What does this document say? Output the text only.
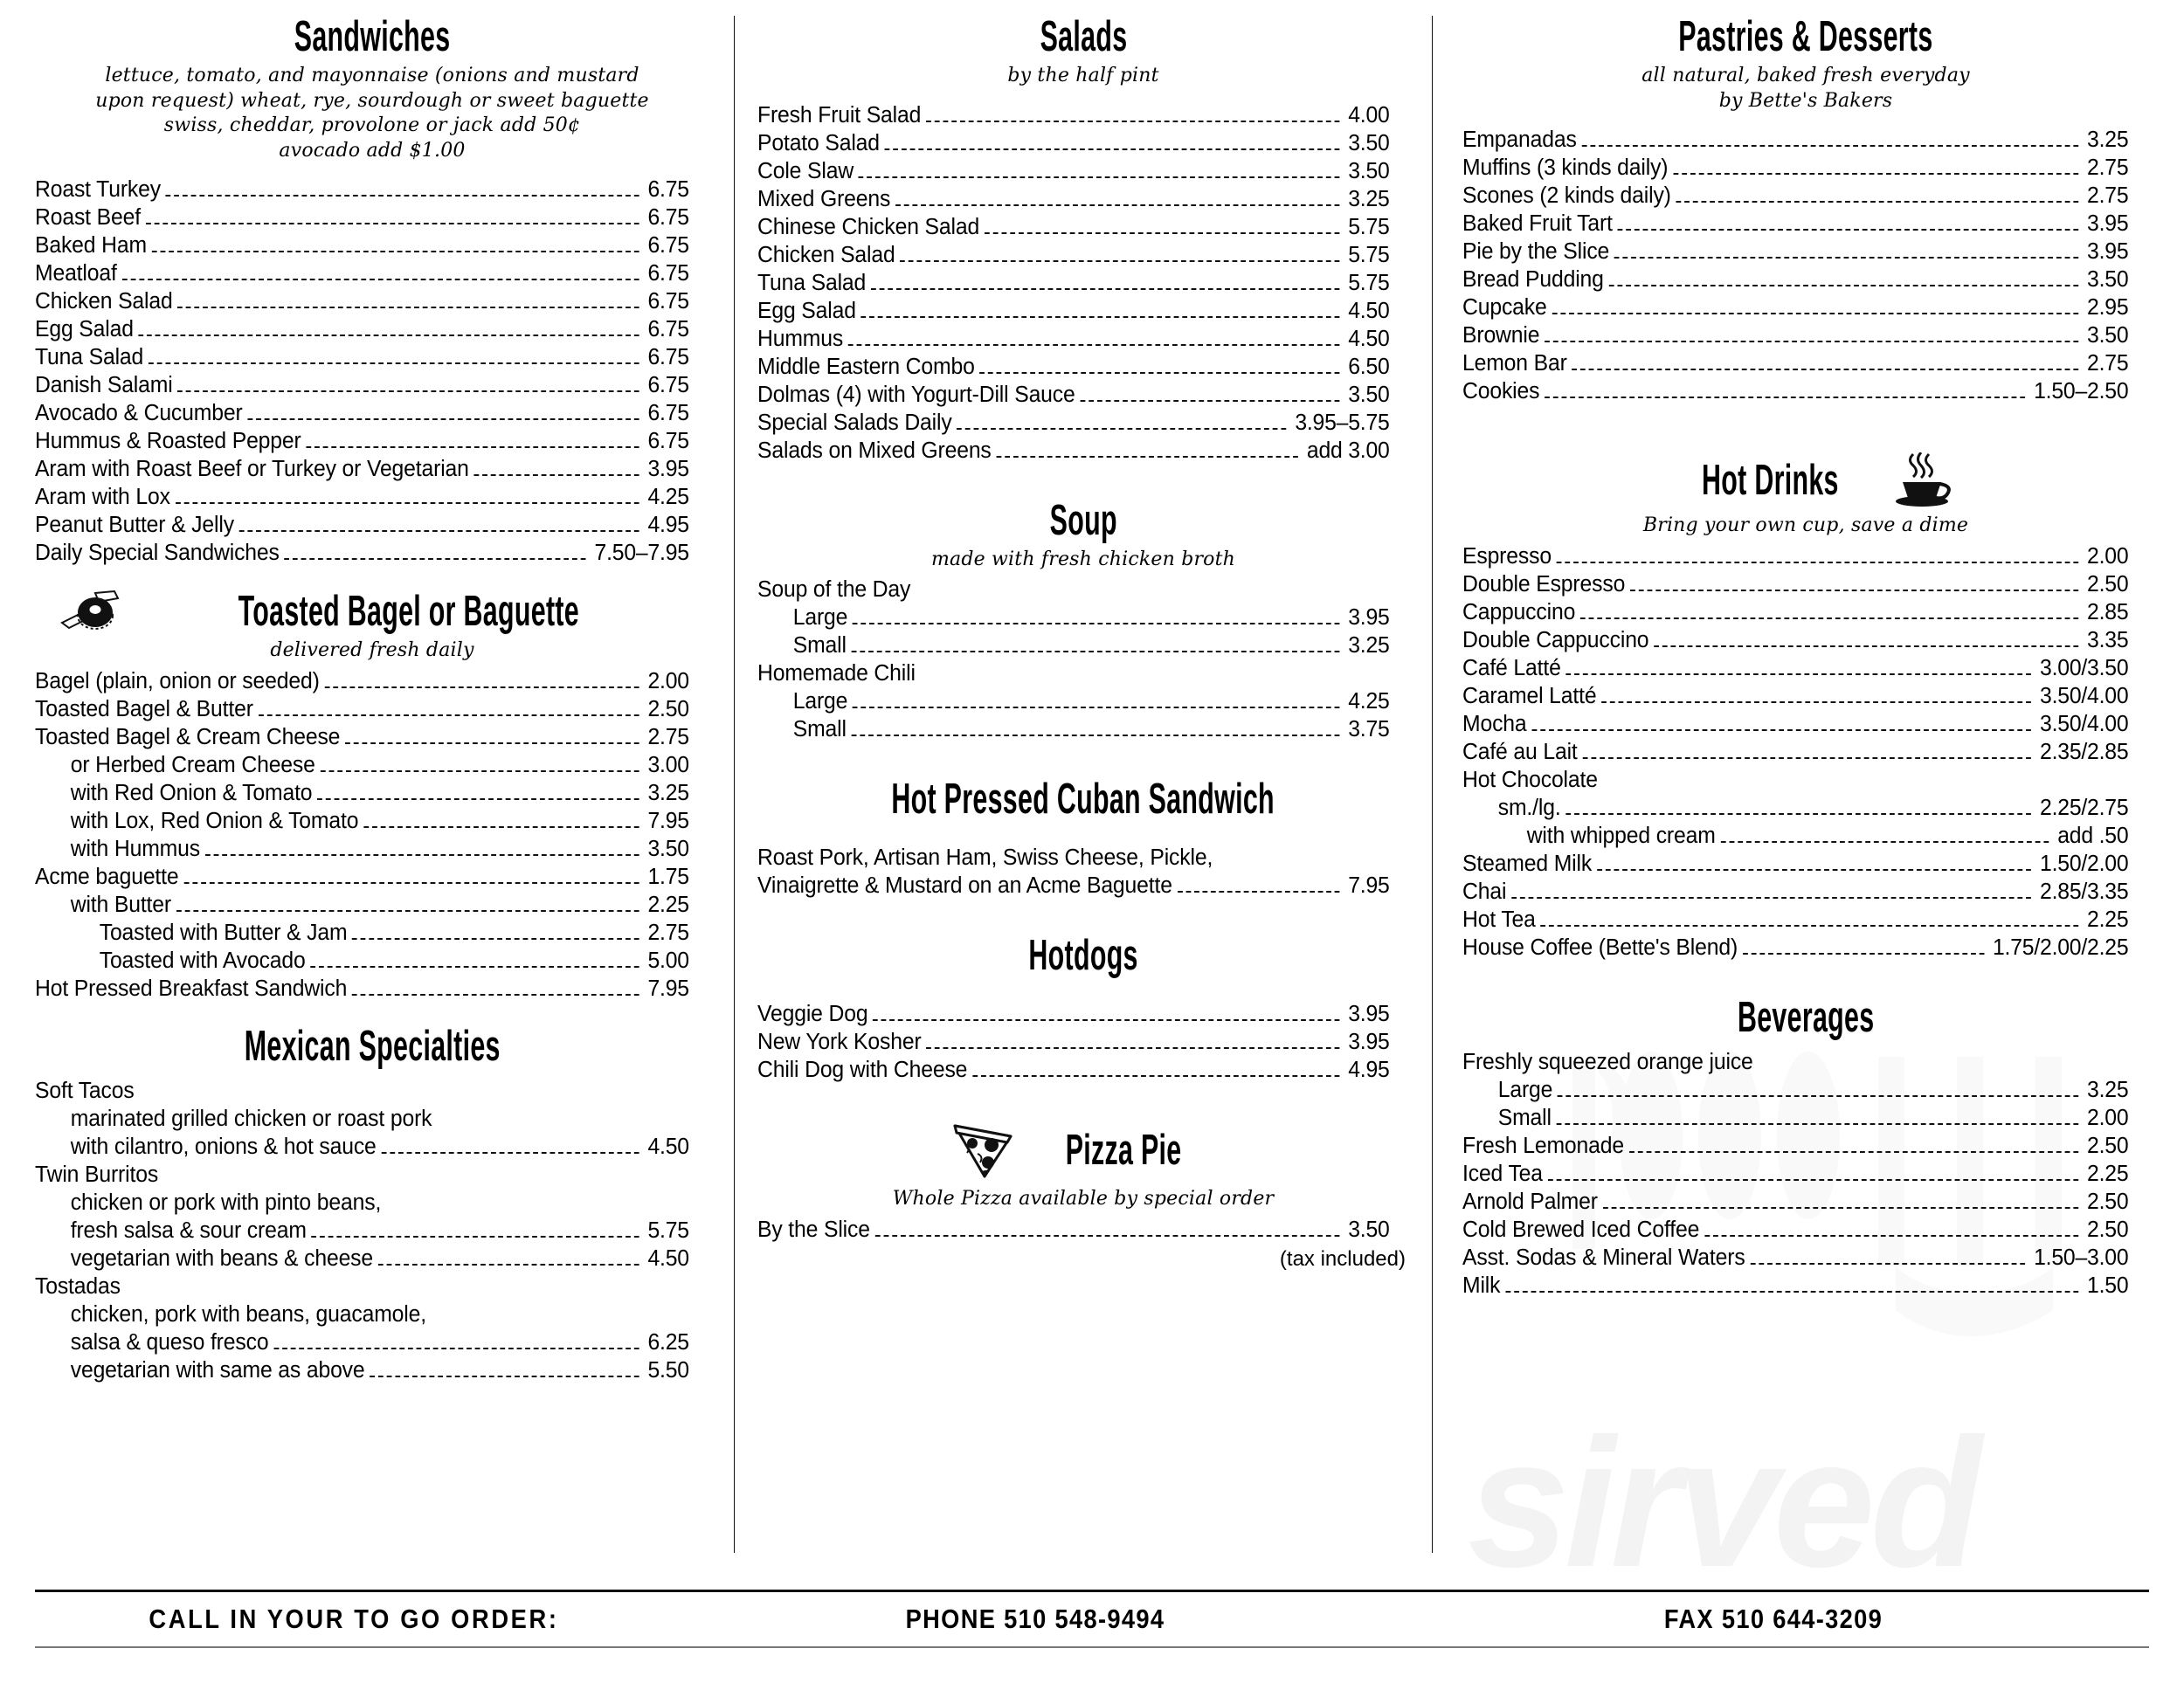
sirved
Sandwiches
lettuce, tomato, and mayonnaise (onions and mustard
upon request) wheat, rye, sourdough or sweet baguette
swiss, cheddar, provolone or jack add 50¢
avocado add $1.00
Roast Turkey	6.75
Roast Beef	6.75
Baked Ham	6.75
Meatloaf	6.75
Chicken Salad	6.75
Egg Salad	6.75
Tuna Salad	6.75
Danish Salami	6.75
Avocado & Cucumber	6.75
Hummus & Roasted Pepper	6.75
Aram with Roast Beef or Turkey or Vegetarian	3.95
Aram with Lox	4.25
Peanut Butter & Jelly	4.95
Daily Special Sandwiches	7.50–7.95
Toasted Bagel or Baguette
delivered fresh daily
Bagel (plain, onion or seeded)	2.00
Toasted Bagel & Butter	2.50
Toasted Bagel & Cream Cheese	2.75
or Herbed Cream Cheese	3.00
with Red Onion & Tomato	3.25
with Lox, Red Onion & Tomato	7.95
with Hummus	3.50
Acme baguette	1.75
with Butter	2.25
Toasted with Butter & Jam	2.75
Toasted with Avocado	5.00
Hot Pressed Breakfast Sandwich	7.95
Mexican Specialties
Soft Tacos
marinated grilled chicken or roast pork
with cilantro, onions & hot sauce	4.50
Twin Burritos
chicken or pork with pinto beans,
fresh salsa & sour cream	5.75
vegetarian with beans & cheese	4.50
Tostadas
chicken, pork with beans, guacamole,
salsa & queso fresco	6.25
vegetarian with same as above	5.50
Salads
by the half pint
Fresh Fruit Salad	4.00
Potato Salad	3.50
Cole Slaw	3.50
Mixed Greens	3.25
Chinese Chicken Salad	5.75
Chicken Salad	5.75
Tuna Salad	5.75
Egg Salad	4.50
Hummus	4.50
Middle Eastern Combo	6.50
Dolmas (4) with Yogurt-Dill Sauce	3.50
Special Salads Daily	3.95–5.75
Salads on Mixed Greens	add 3.00
Soup
made with fresh chicken broth
Soup of the Day
Large	3.95
Small	3.25
Homemade Chili
Large	4.25
Small	3.75
Hot Pressed Cuban Sandwich
Roast Pork, Artisan Ham, Swiss Cheese, Pickle,
Vinaigrette & Mustard on an Acme Baguette	7.95
Hotdogs
Veggie Dog	3.95
New York Kosher	3.95
Chili Dog with Cheese	4.95
Pizza Pie
Whole Pizza available by special order
By the Slice	3.50
(tax included)
Pastries & Desserts
all natural, baked fresh everyday
by Bette's Bakers
Empanadas	3.25
Muffins (3 kinds daily)	2.75
Scones (2 kinds daily)	2.75
Baked Fruit Tart	3.95
Pie by the Slice	3.95
Bread Pudding	3.50
Cupcake	2.95
Brownie	3.50
Lemon Bar	2.75
Cookies	1.50–2.50
Hot Drinks
Bring your own cup, save a dime
Espresso	2.00
Double Espresso	2.50
Cappuccino	2.85
Double Cappuccino	3.35
Café Latté	3.00/3.50
Caramel Latté	3.50/4.00
Mocha	3.50/4.00
Café au Lait	2.35/2.85
Hot Chocolate
sm./lg.	2.25/2.75
with whipped cream	add .50
Steamed Milk	1.50/2.00
Chai	2.85/3.35
Hot Tea	2.25
House Coffee (Bette's Blend)	1.75/2.00/2.25
Beverages
Freshly squeezed orange juice
Large	3.25
Small	2.00
Fresh Lemonade	2.50
Iced Tea	2.25
Arnold Palmer	2.50
Cold Brewed Iced Coffee	2.50
Asst. Sodas & Mineral Waters	1.50–3.00
Milk	1.50
CALL IN YOUR TO GO ORDER:	PHONE 510 548-9494	FAX 510 644-3209
